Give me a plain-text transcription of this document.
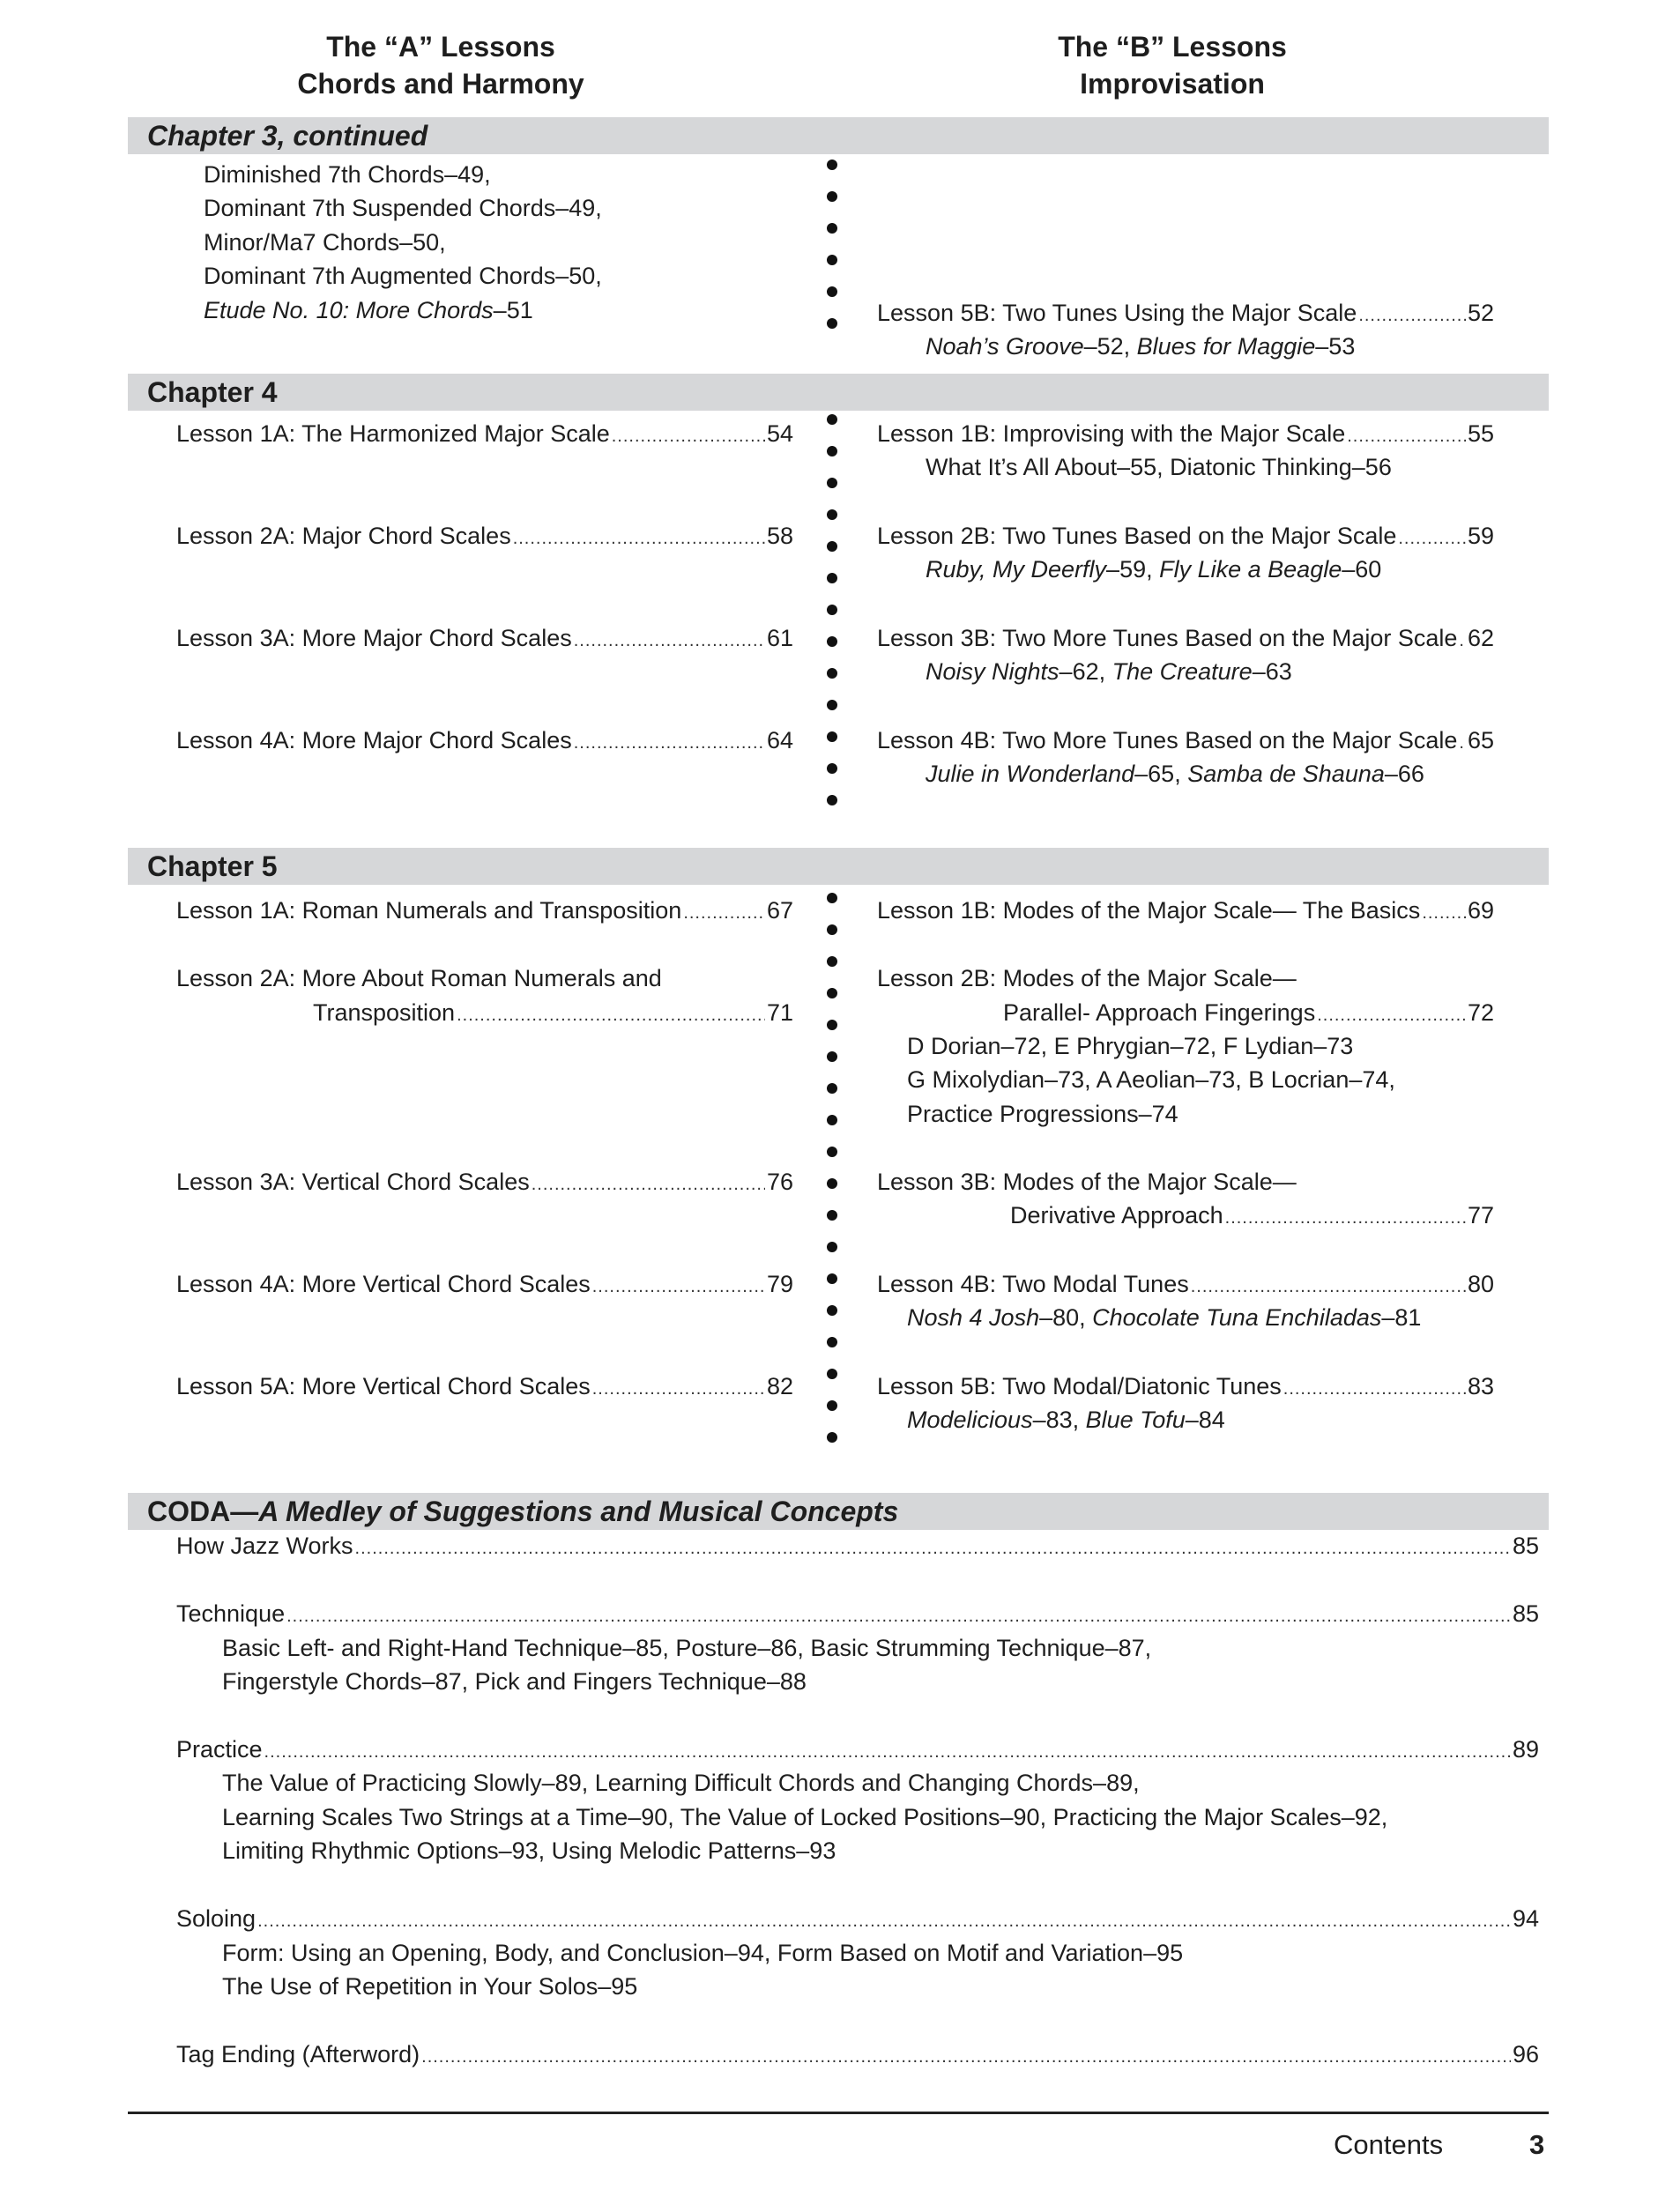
The “A” Lessons
Chords and Harmony
The “B” Lessons
Improvisation
Chapter 3, continued
Diminished 7th Chords–49,
Dominant 7th Suspended Chords–49,
Minor/Ma7 Chords–50,
Dominant 7th Augmented Chords–50,
Etude No. 10: More Chords–51	Lesson 5B: Two Tunes Using the Major Scale .....	52
Noah’s Groove–52, Blues for Maggie–53
Chapter 4
Lesson 1A: The Harmonized Major Scale .....	54
Lesson 2A: Major Chord Scales .....	58
Lesson 3A: More Major Chord Scales .....	61
Lesson 4A: More Major Chord Scales .....	64
Lesson 1B: Improvising with the Major Scale .....	55
What It’s All About–55, Diatonic Thinking–56
Lesson 2B: Two Tunes Based on the Major Scale .....	59
Ruby, My Deerfly–59, Fly Like a Beagle–60
Lesson 3B: Two More Tunes Based on the Major Scale ..... 62
Noisy Nights–62, The Creature–63
Lesson 4B: Two More Tunes Based on the Major Scale ..... 65
Julie in Wonderland–65, Samba de Shauna–66
Chapter 5
Lesson 1A: Roman Numerals and Transposition .....	67
Lesson 2A: More About Roman Numerals and
Transposition .....	71
Lesson 3A: Vertical Chord Scales .....	76
Lesson 4A: More Vertical Chord Scales .....	79
Lesson 5A: More Vertical Chord Scales .....	82
Lesson 1B: Modes of the Major Scale— The Basics ..... 69
Lesson 2B: Modes of the Major Scale—
Parallel- Approach Fingerings .....	72
D Dorian–72, E Phrygian–72, F Lydian–73
G Mixolydian–73, A Aeolian–73, B Locrian–74,
Practice Progressions–74
Lesson 3B: Modes of the Major Scale—
Derivative Approach .....	77
Lesson 4B: Two Modal Tunes .....	80
Nosh 4 Josh–80, Chocolate Tuna Enchiladas–81
Lesson 5B: Two Modal/Diatonic Tunes .....	83
Modelicious–83, Blue Tofu–84
CODA—A Medley of Suggestions and Musical Concepts
How Jazz Works .....	85
Technique .....	85
Basic Left- and Right-Hand Technique–85, Posture–86, Basic Strumming Technique–87,
Fingerstyle Chords–87, Pick and Fingers Technique–88
Practice .....	89
The Value of Practicing Slowly–89, Learning Difficult Chords and Changing Chords–89,
Learning Scales Two Strings at a Time–90, The Value of Locked Positions–90, Practicing the Major Scales–92,
Limiting Rhythmic Options–93, Using Melodic Patterns–93
Soloing .....	94
Form: Using an Opening, Body, and Conclusion–94, Form Based on Motif and Variation–95
The Use of Repetition in Your Solos–95
Tag Ending (Afterword) .....	96
Contents	3
